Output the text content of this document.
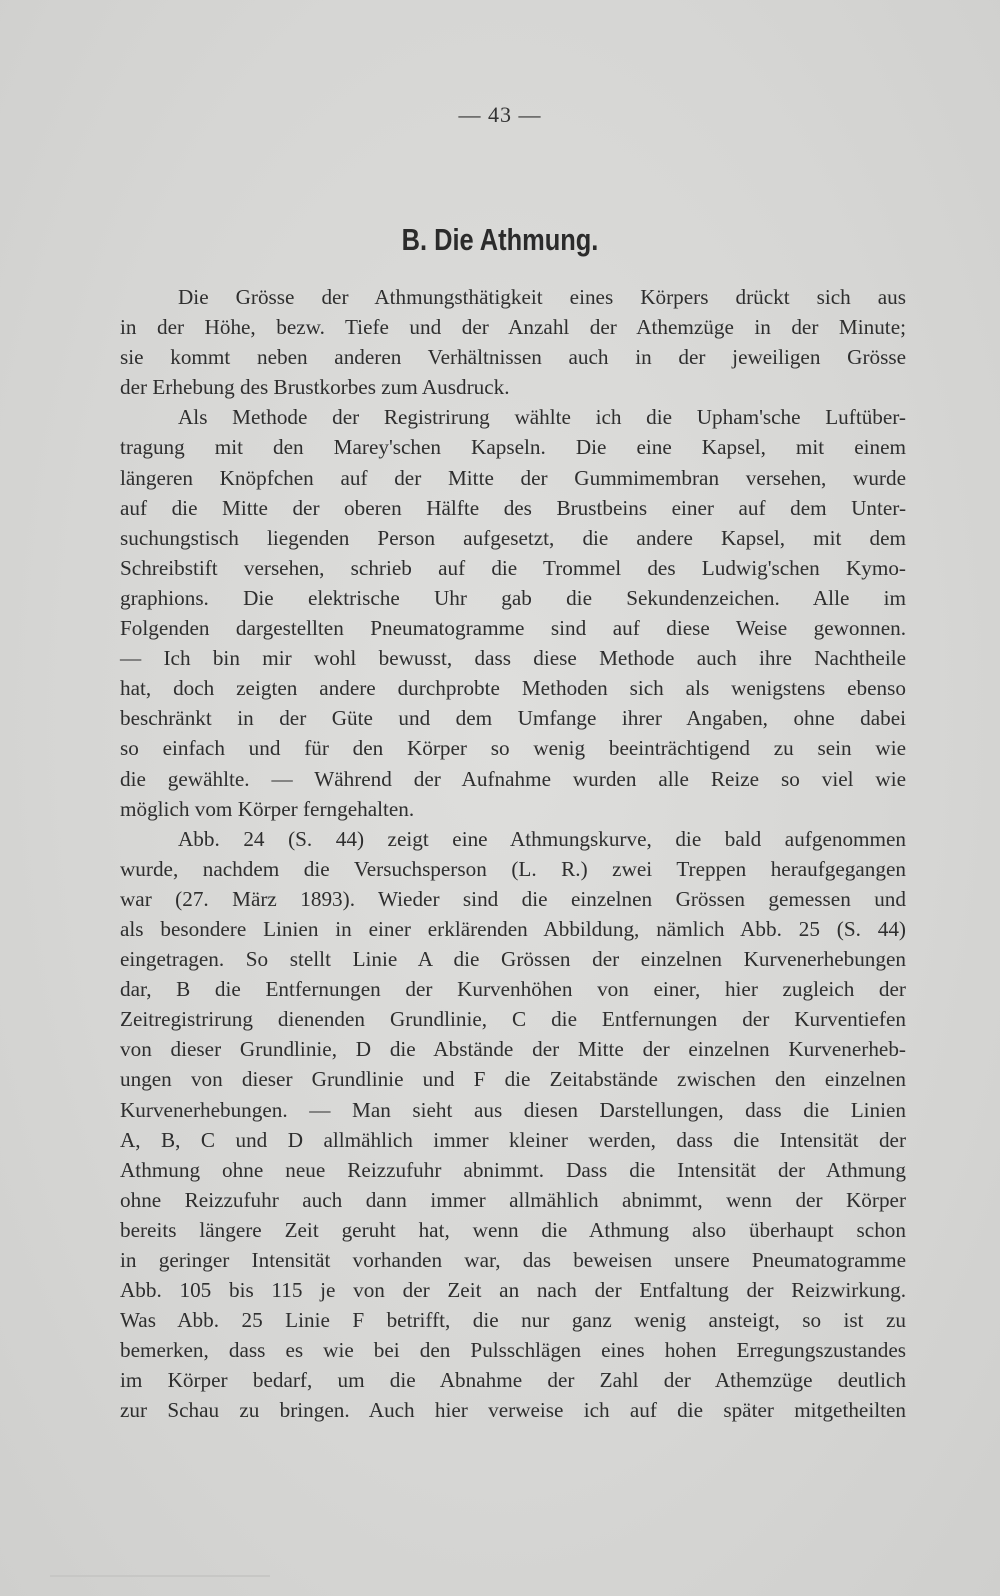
— 43 —
B. Die Athmung.
Die Grösse der Athmungsthätigkeit eines Körpers drückt sich aus
in der Höhe, bezw. Tiefe und der Anzahl der Athemzüge in der Minute;
sie kommt neben anderen Verhältnissen auch in der jeweiligen Grösse
der Erhebung des Brustkorbes zum Ausdruck.
Als Methode der Registrirung wählte ich die Upham'sche Luftüber-
tragung mit den Marey'schen Kapseln. Die eine Kapsel, mit einem
längeren Knöpfchen auf der Mitte der Gummimembran versehen, wurde
auf die Mitte der oberen Hälfte des Brustbeins einer auf dem Unter-
suchungstisch liegenden Person aufgesetzt, die andere Kapsel, mit dem
Schreibstift versehen, schrieb auf die Trommel des Ludwig'schen Kymo-
graphions. Die elektrische Uhr gab die Sekundenzeichen. Alle im
Folgenden dargestellten Pneumatogramme sind auf diese Weise gewonnen.
— Ich bin mir wohl bewusst, dass diese Methode auch ihre Nachtheile
hat, doch zeigten andere durchprobte Methoden sich als wenigstens ebenso
beschränkt in der Güte und dem Umfange ihrer Angaben, ohne dabei
so einfach und für den Körper so wenig beeinträchtigend zu sein wie
die gewählte. — Während der Aufnahme wurden alle Reize so viel wie
möglich vom Körper ferngehalten.
Abb. 24 (S. 44) zeigt eine Athmungskurve, die bald aufgenommen
wurde, nachdem die Versuchsperson (L. R.) zwei Treppen heraufgegangen
war (27. März 1893). Wieder sind die einzelnen Grössen gemessen und
als besondere Linien in einer erklärenden Abbildung, nämlich Abb. 25 (S. 44)
eingetragen. So stellt Linie A die Grössen der einzelnen Kurvenerhebungen
dar, B die Entfernungen der Kurvenhöhen von einer, hier zugleich der
Zeitregistrirung dienenden Grundlinie, C die Entfernungen der Kurventiefen
von dieser Grundlinie, D die Abstände der Mitte der einzelnen Kurvenerheb-
ungen von dieser Grundlinie und F die Zeitabstände zwischen den einzelnen
Kurvenerhebungen. — Man sieht aus diesen Darstellungen, dass die Linien
A, B, C und D allmählich immer kleiner werden, dass die Intensität der
Athmung ohne neue Reizzufuhr abnimmt. Dass die Intensität der Athmung
ohne Reizzufuhr auch dann immer allmählich abnimmt, wenn der Körper
bereits längere Zeit geruht hat, wenn die Athmung also überhaupt schon
in geringer Intensität vorhanden war, das beweisen unsere Pneumatogramme
Abb. 105 bis 115 je von der Zeit an nach der Entfaltung der Reizwirkung.
Was Abb. 25 Linie F betrifft, die nur ganz wenig ansteigt, so ist zu
bemerken, dass es wie bei den Pulsschlägen eines hohen Erregungszustandes
im Körper bedarf, um die Abnahme der Zahl der Athemzüge deutlich
zur Schau zu bringen. Auch hier verweise ich auf die später mitgetheilten
